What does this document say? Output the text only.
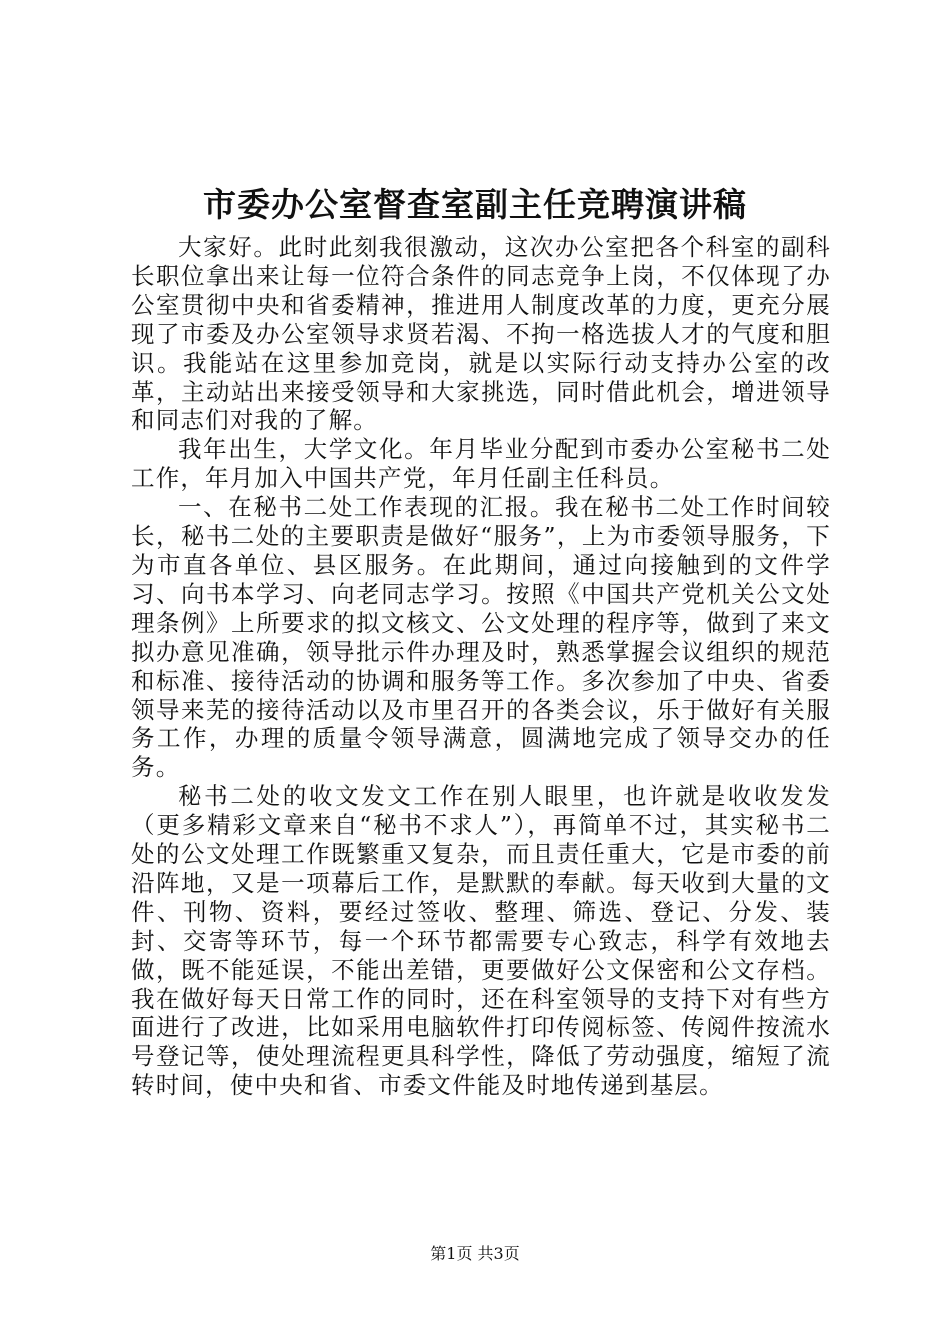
市委办公室督查室副主任竞聘演讲稿

大家好。此时此刻我很激动，这次办公室把各个科室的副科长职位拿出来让每一位符合条件的同志竞争上岗，不仅体现了办公室贯彻中央和省委精神，推进用人制度改革的力度，更充分展现了市委及办公室领导求贤若渴、不拘一格选拔人才的气度和胆识。我能站在这里参加竞岗，就是以实际行动支持办公室的改革，主动站出来接受领导和大家挑选，同时借此机会，增进领导和同志们对我的了解。

我年出生，大学文化。年月毕业分配到市委办公室秘书二处工作，年月加入中国共产党，年月任副主任科员。

一、在秘书二处工作表现的汇报。我在秘书二处工作时间较长，秘书二处的主要职责是做好“服务”，上为市委领导服务，下为市直各单位、县区服务。在此期间，通过向接触到的文件学习、向书本学习、向老同志学习。按照《中国共产党机关公文处理条例》上所要求的拟文核文、公文处理的程序等，做到了来文拟办意见准确，领导批示件办理及时，熟悉掌握会议组织的规范和标准、接待活动的协调和服务等工作。多次参加了中央、省委领导来芜的接待活动以及市里召开的各类会议，乐于做好有关服务工作，办理的质量令领导满意，圆满地完成了领导交办的任务。

秘书二处的收文发文工作在别人眼里，也许就是收收发发（更多精彩文章来自“秘书不求人”），再简单不过，其实秘书二处的公文处理工作既繁重又复杂，而且责任重大，它是市委的前沿阵地，又是一项幕后工作，是默默的奉献。每天收到大量的文件、刊物、资料，要经过签收、整理、筛选、登记、分发、装封、交寄等环节，每一个环节都需要专心致志，科学有效地去做，既不能延误，不能出差错，更要做好公文保密和公文存档。我在做好每天日常工作的同时，还在科室领导的支持下对有些方面进行了改进，比如采用电脑软件打印传阅标签、传阅件按流水号登记等，使处理流程更具科学性，降低了劳动强度，缩短了流转时间，使中央和省、市委文件能及时地传递到基层。

第1页 共3页
